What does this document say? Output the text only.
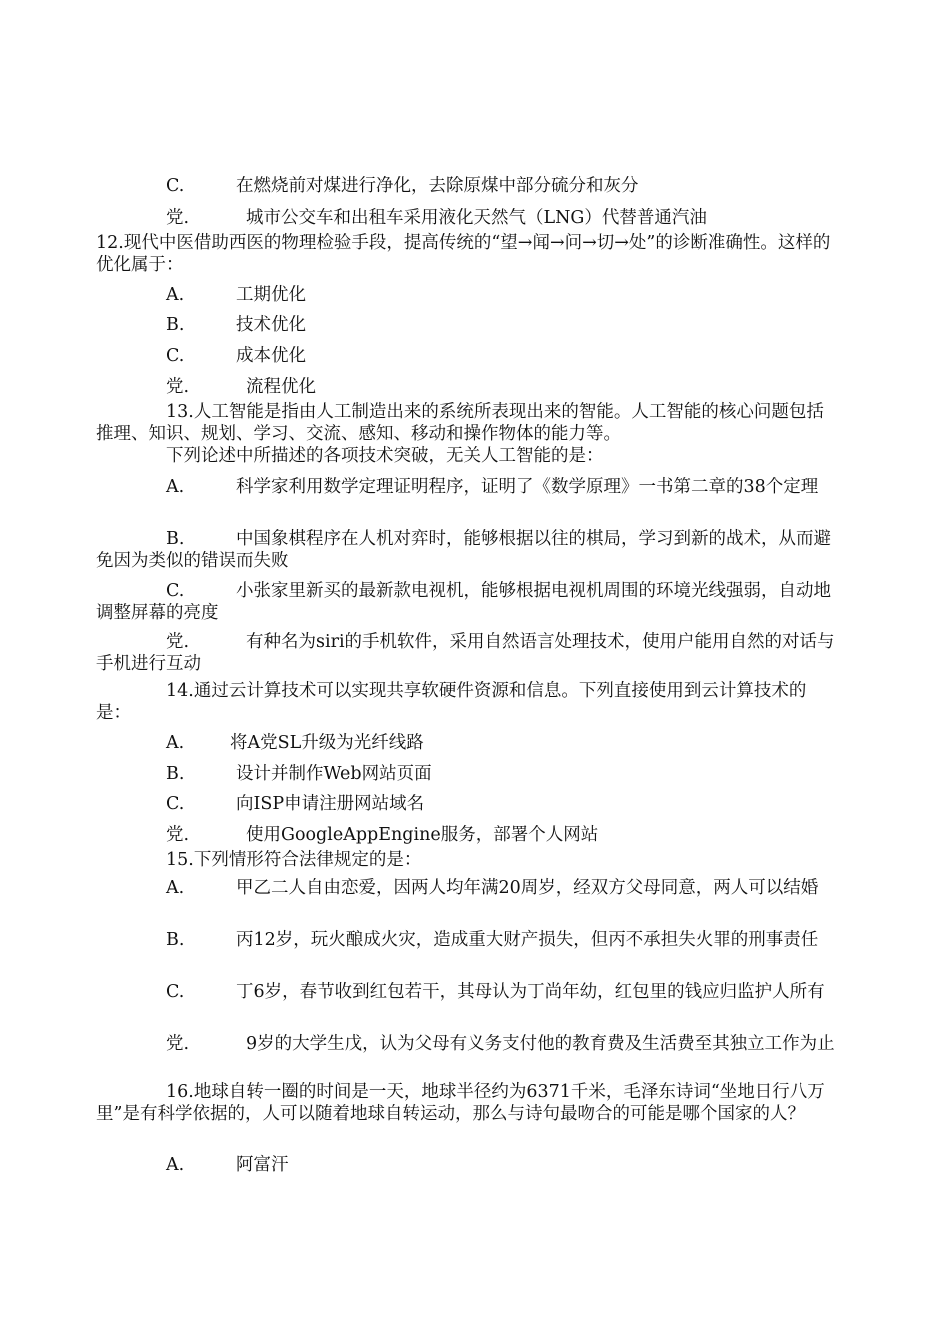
C.	在燃烧前对煤进行净化，去除原煤中部分硫分和灰分
党.	城市公交车和出租车采用液化天然气（LNG）代替普通汽油

12.现代中医借助西医的物理检验手段，提高传统的“望→闻→问→切→处”的诊断准确性。这样的优化属于：

A.	工期优化
B.	技术优化
C.	成本优化
党.	流程优化

13.人工智能是指由人工制造出来的系统所表现出来的智能。人工智能的核心问题包括推理、知识、规划、学习、交流、感知、移动和操作物体的能力等。

下列论述中所描述的各项技术突破，无关人工智能的是：

A.	科学家利用数学定理证明程序，证明了《数学原理》一书第二章的38个定理

B.	中国象棋程序在人机对弈时，能够根据以往的棋局，学习到新的战术，从而避免因为类似的错误而失败

C.	小张家里新买的最新款电视机，能够根据电视机周围的环境光线强弱，自动地调整屏幕的亮度

党.	有种名为siri的手机软件，采用自然语言处理技术，使用户能用自然的对话与手机进行互动

14.通过云计算技术可以实现共享软硬件资源和信息。下列直接使用到云计算技术的是：

A.	将A党SL升级为光纤线路
B.	设计并制作Web网站页面
C.	向ISP申请注册网站域名
党.	使用GoogleAppEngine服务，部署个人网站

15.下列情形符合法律规定的是：

A.	甲乙二人自由恋爱，因两人均年满20周岁，经双方父母同意，两人可以结婚

B.	丙12岁，玩火酿成火灾，造成重大财产损失，但丙不承担失火罪的刑事责任

C.	丁6岁，春节收到红包若干，其母认为丁尚年幼，红包里的钱应归监护人所有

党.	9岁的大学生戊，认为父母有义务支付他的教育费及生活费至其独立工作为止

16.地球自转一圈的时间是一天，地球半径约为6371千米，毛泽东诗词“坐地日行八万里”是有科学依据的，人可以随着地球自转运动，那么与诗句最吻合的可能是哪个国家的人？

A.	阿富汗
